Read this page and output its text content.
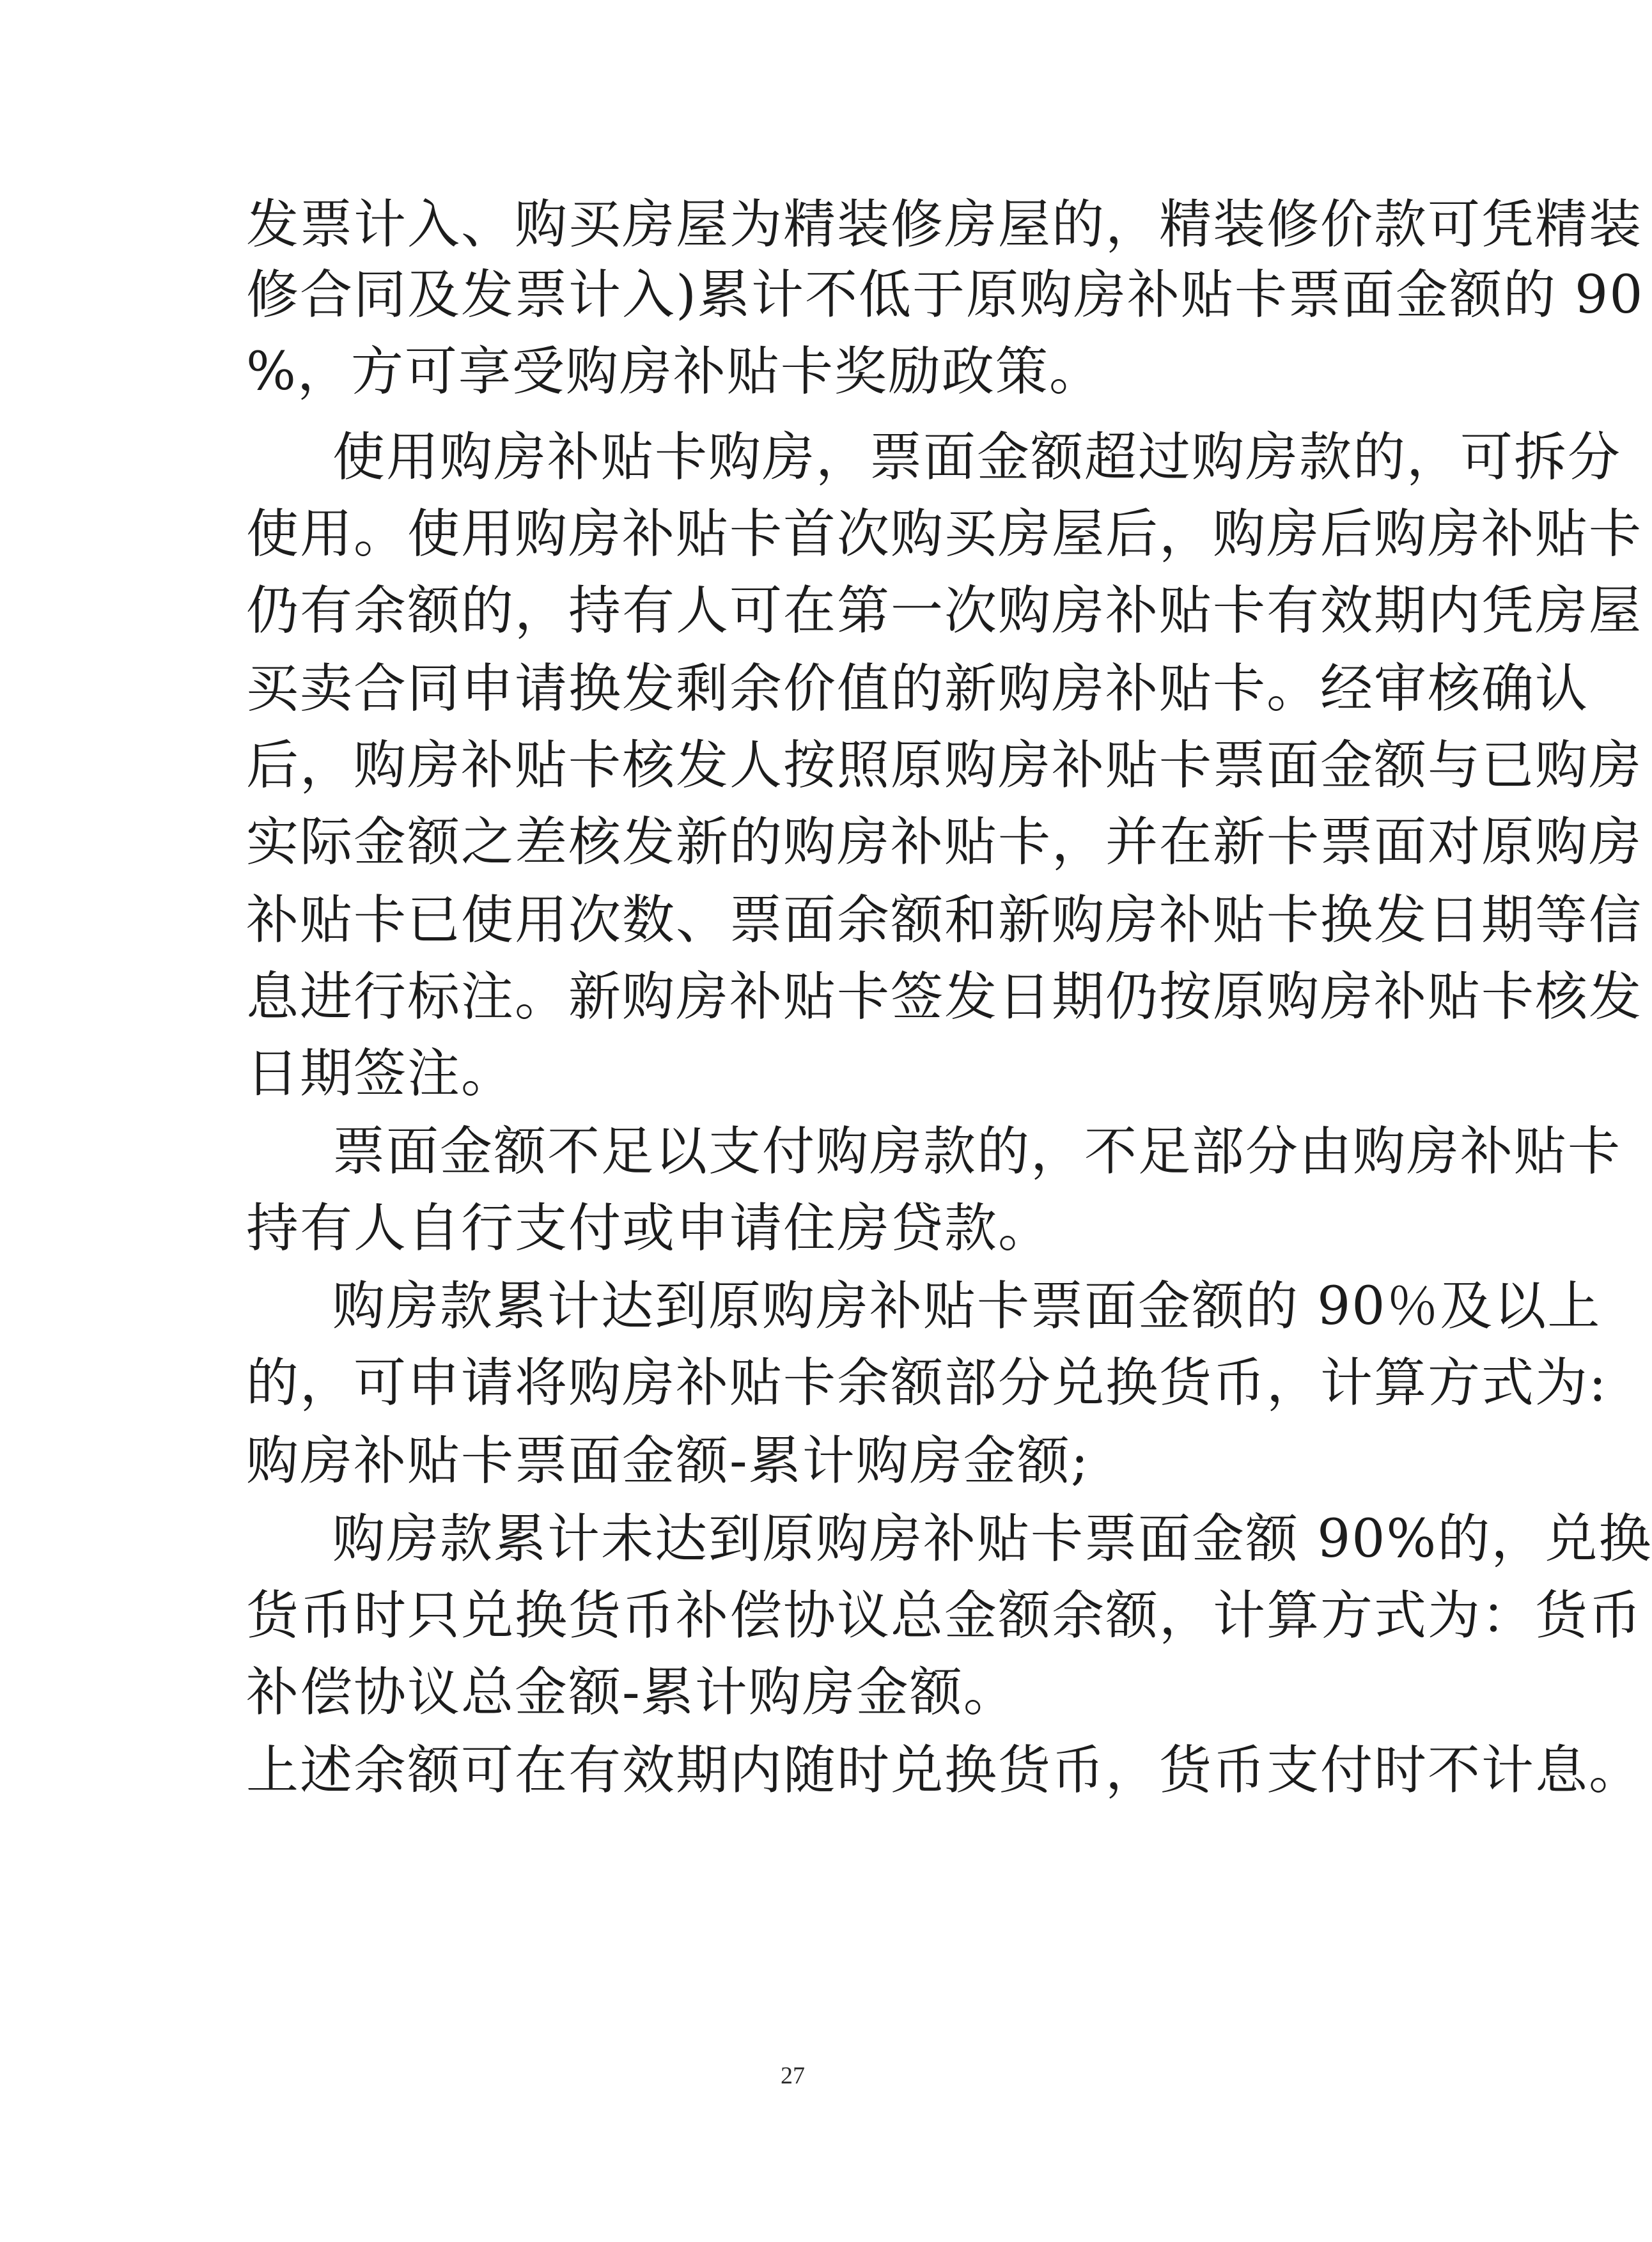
发票计入、购买房屋为精装修房屋的，精装修价款可凭精装
修合同及发票计入)累计不低于原购房补贴卡票面金额的 90
%，方可享受购房补贴卡奖励政策。
使用购房补贴卡购房，票面金额超过购房款的，可拆分
使用。使用购房补贴卡首次购买房屋后，购房后购房补贴卡
仍有余额的，持有人可在第一次购房补贴卡有效期内凭房屋
买卖合同申请换发剩余价值的新购房补贴卡。经审核确认
后，购房补贴卡核发人按照原购房补贴卡票面金额与已购房
实际金额之差核发新的购房补贴卡，并在新卡票面对原购房
补贴卡已使用次数、票面余额和新购房补贴卡换发日期等信
息进行标注。新购房补贴卡签发日期仍按原购房补贴卡核发
日期签注。
票面金额不足以支付购房款的，不足部分由购房补贴卡
持有人自行支付或申请住房贷款。
购房款累计达到原购房补贴卡票面金额的 90％及以上
的，可申请将购房补贴卡余额部分兑换货币，计算方式为:
购房补贴卡票面金额-累计购房金额;
购房款累计未达到原购房补贴卡票面金额 90%的，兑换
货币时只兑换货币补偿协议总金额余额，计算方式为：货币
补偿协议总金额-累计购房金额。
上述余额可在有效期内随时兑换货币，货币支付时不计息。
27
